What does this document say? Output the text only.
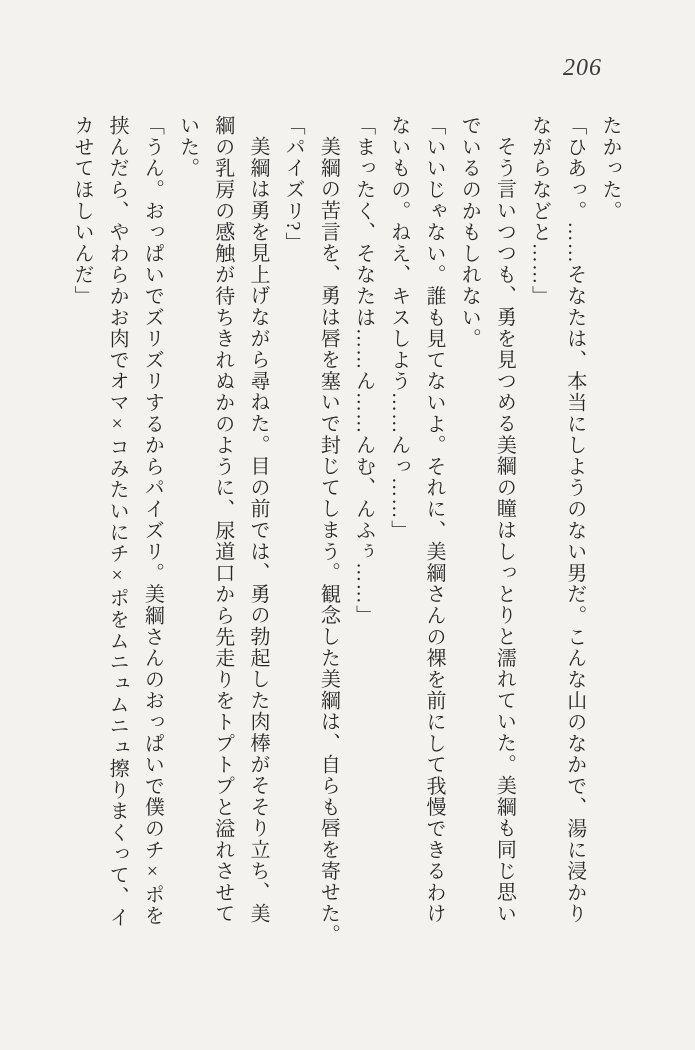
206

たかった。

「ひあっ。……そなたは、本当にしようのない男だ。こんな山のなかで、湯に浸かり

ながらなどと……」

そう言いつつも、勇を見つめる美綱の瞳はしっとりと濡れていた。美綱も同じ思い

でいるのかもしれない。

「いいじゃない。誰も見てないよ。それに、美綱さんの裸を前にして我慢できるわけ

ないもの。ねえ、キスしよう……んっ……」

「まったく、そなたは……ん……んむ、んふぅ……」

美綱の苦言を、勇は唇を塞いで封じてしまう。観念した美綱は、自らも唇を寄せた。

「パイズリ?」

美綱は勇を見上げながら尋ねた。目の前では、勇の勃起した肉棒がそそり立ち、美

綱の乳房の感触が待ちきれぬかのように、尿道口から先走りをトプトプと溢れさせて

いた。

「うん。おっぱいでズリズリするからパイズリ。美綱さんのおっぱいで僕のチ×ポを

挟んだら、やわらかお肉でオマ×コみたいにチ×ポをムニュムニュ擦りまくって、イ

カせてほしいんだ」
